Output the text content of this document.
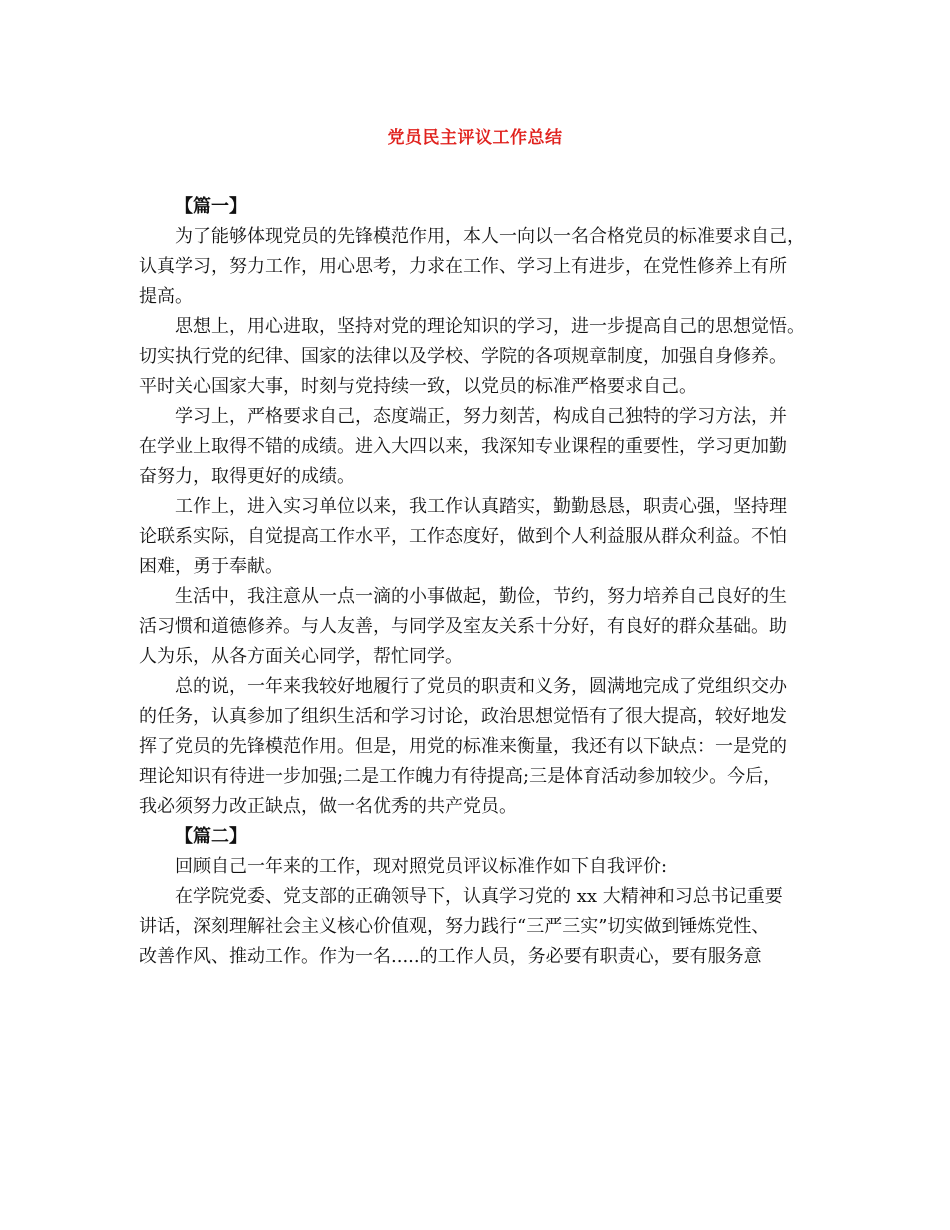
党员民主评议工作总结
【篇一】
为了能够体现党员的先锋模范作用，本人一向以一名合格党员的标准要求自己，
认真学习，努力工作，用心思考，力求在工作、学习上有进步，在党性修养上有所
提高。
思想上，用心进取，坚持对党的理论知识的学习，进一步提高自己的思想觉悟。
切实执行党的纪律、国家的法律以及学校、学院的各项规章制度，加强自身修养。
平时关心国家大事，时刻与党持续一致，以党员的标准严格要求自己。
学习上，严格要求自己，态度端正，努力刻苦，构成自己独特的学习方法，并
在学业上取得不错的成绩。进入大四以来，我深知专业课程的重要性，学习更加勤
奋努力，取得更好的成绩。
工作上，进入实习单位以来，我工作认真踏实，勤勤恳恳，职责心强，坚持理
论联系实际，自觉提高工作水平，工作态度好，做到个人利益服从群众利益。不怕
困难，勇于奉献。
生活中，我注意从一点一滴的小事做起，勤俭，节约，努力培养自己良好的生
活习惯和道德修养。与人友善，与同学及室友关系十分好，有良好的群众基础。助
人为乐，从各方面关心同学，帮忙同学。
总的说，一年来我较好地履行了党员的职责和义务，圆满地完成了党组织交办
的任务，认真参加了组织生活和学习讨论，政治思想觉悟有了很大提高，较好地发
挥了党员的先锋模范作用。但是，用党的标准来衡量，我还有以下缺点：一是党的
理论知识有待进一步加强;二是工作魄力有待提高;三是体育活动参加较少。今后，
我必须努力改正缺点，做一名优秀的共产党员。
【篇二】
回顾自己一年来的工作，现对照党员评议标准作如下自我评价:
在学院党委、党支部的正确领导下，认真学习党的 xx 大精神和习总书记重要
讲话，深刻理解社会主义核心价值观，努力践行“三严三实”切实做到锤炼党性、
改善作风、推动工作。作为一名.....的工作人员，务必要有职责心，要有服务意
